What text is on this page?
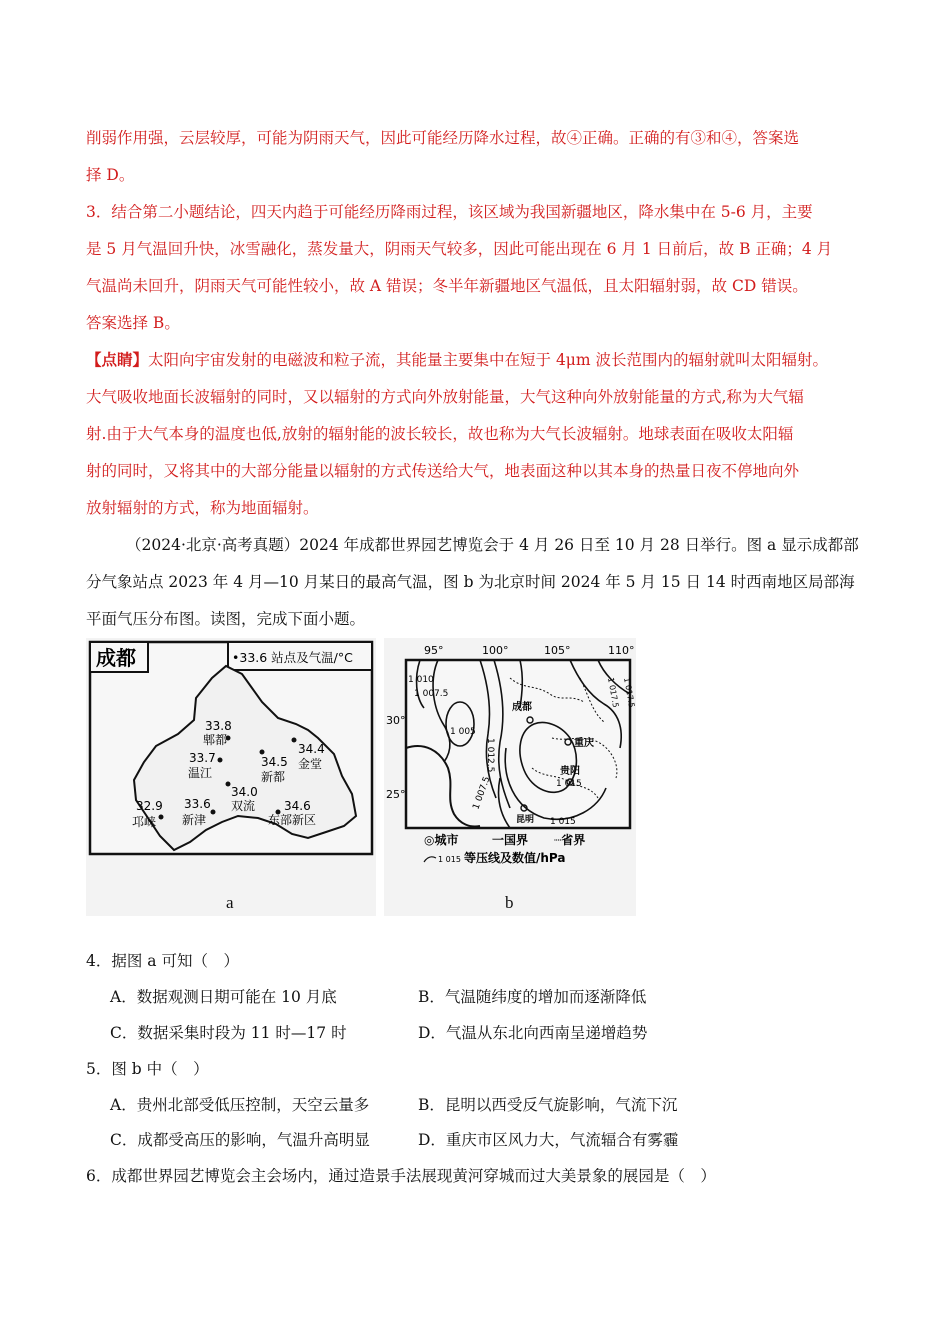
削弱作用强，云层较厚，可能为阴雨天气，因此可能经历降水过程，故④正确。正确的有③和④，答案选
择 D。
3．结合第二小题结论，四天内趋于可能经历降雨过程，该区域为我国新疆地区，降水集中在 5-6 月，主要
是 5 月气温回升快，冰雪融化，蒸发量大，阴雨天气较多，因此可能出现在 6 月 1 日前后，故 B 正确；4 月
气温尚未回升，阴雨天气可能性较小，故 A 错误；冬半年新疆地区气温低，且太阳辐射弱，故 CD 错误。
答案选择 B。
【点睛】太阳向宇宙发射的电磁波和粒子流，其能量主要集中在短于 4μm 波长范围内的辐射就叫太阳辐射。
大气吸收地面长波辐射的同时，又以辐射的方式向外放射能量，大气这种向外放射能量的方式,称为大气辐
射.由于大气本身的温度也低,放射的辐射能的波长较长，故也称为大气长波辐射。地球表面在吸收太阳辐
射的同时，又将其中的大部分能量以辐射的方式传送给大气，地表面这种以其本身的热量日夜不停地向外
放射辐射的方式，称为地面辐射。
（2024·北京·高考真题）2024 年成都世界园艺博览会于 4 月 26 日至 10 月 28 日举行。图 a 显示成都部
分气象站点 2023 年 4 月—10 月某日的最高气温，图 b 为北京时间 2024 年 5 月 15 日 14 时西南地区局部海
平面气压分布图。读图，完成下面小题。
成都	•33.6 站点及气温/°C
33.8
郫都
33.7
温江
34.5
新都
34.4
金堂
32.9
邛崃
33.6
新津
34.0
双流 34.6
东部新区
a
95°	100°	105°	110°
30°
25°
1 010
1 007.5
1 005
1 012.5
1 017.5
1 015
1 007.5
1 015
1 017.5
成都
重庆
贵阳
昆明
◎城市	一国界 ┈省界
1 015 等压线及数值/hPa
b
4．据图 a 可知（　）
A．数据观测日期可能在 10 月底	B．气温随纬度的增加而逐渐降低
C．数据采集时段为 11 时—17 时	D．气温从东北向西南呈递增趋势
5．图 b 中（　）
A．贵州北部受低压控制，天空云量多	B．昆明以西受反气旋影响，气流下沉
C．成都受高压的影响，气温升高明显	D．重庆市区风力大，气流辐合有雾霾
6．成都世界园艺博览会主会场内，通过造景手法展现黄河穿城而过大美景象的展园是（　）
